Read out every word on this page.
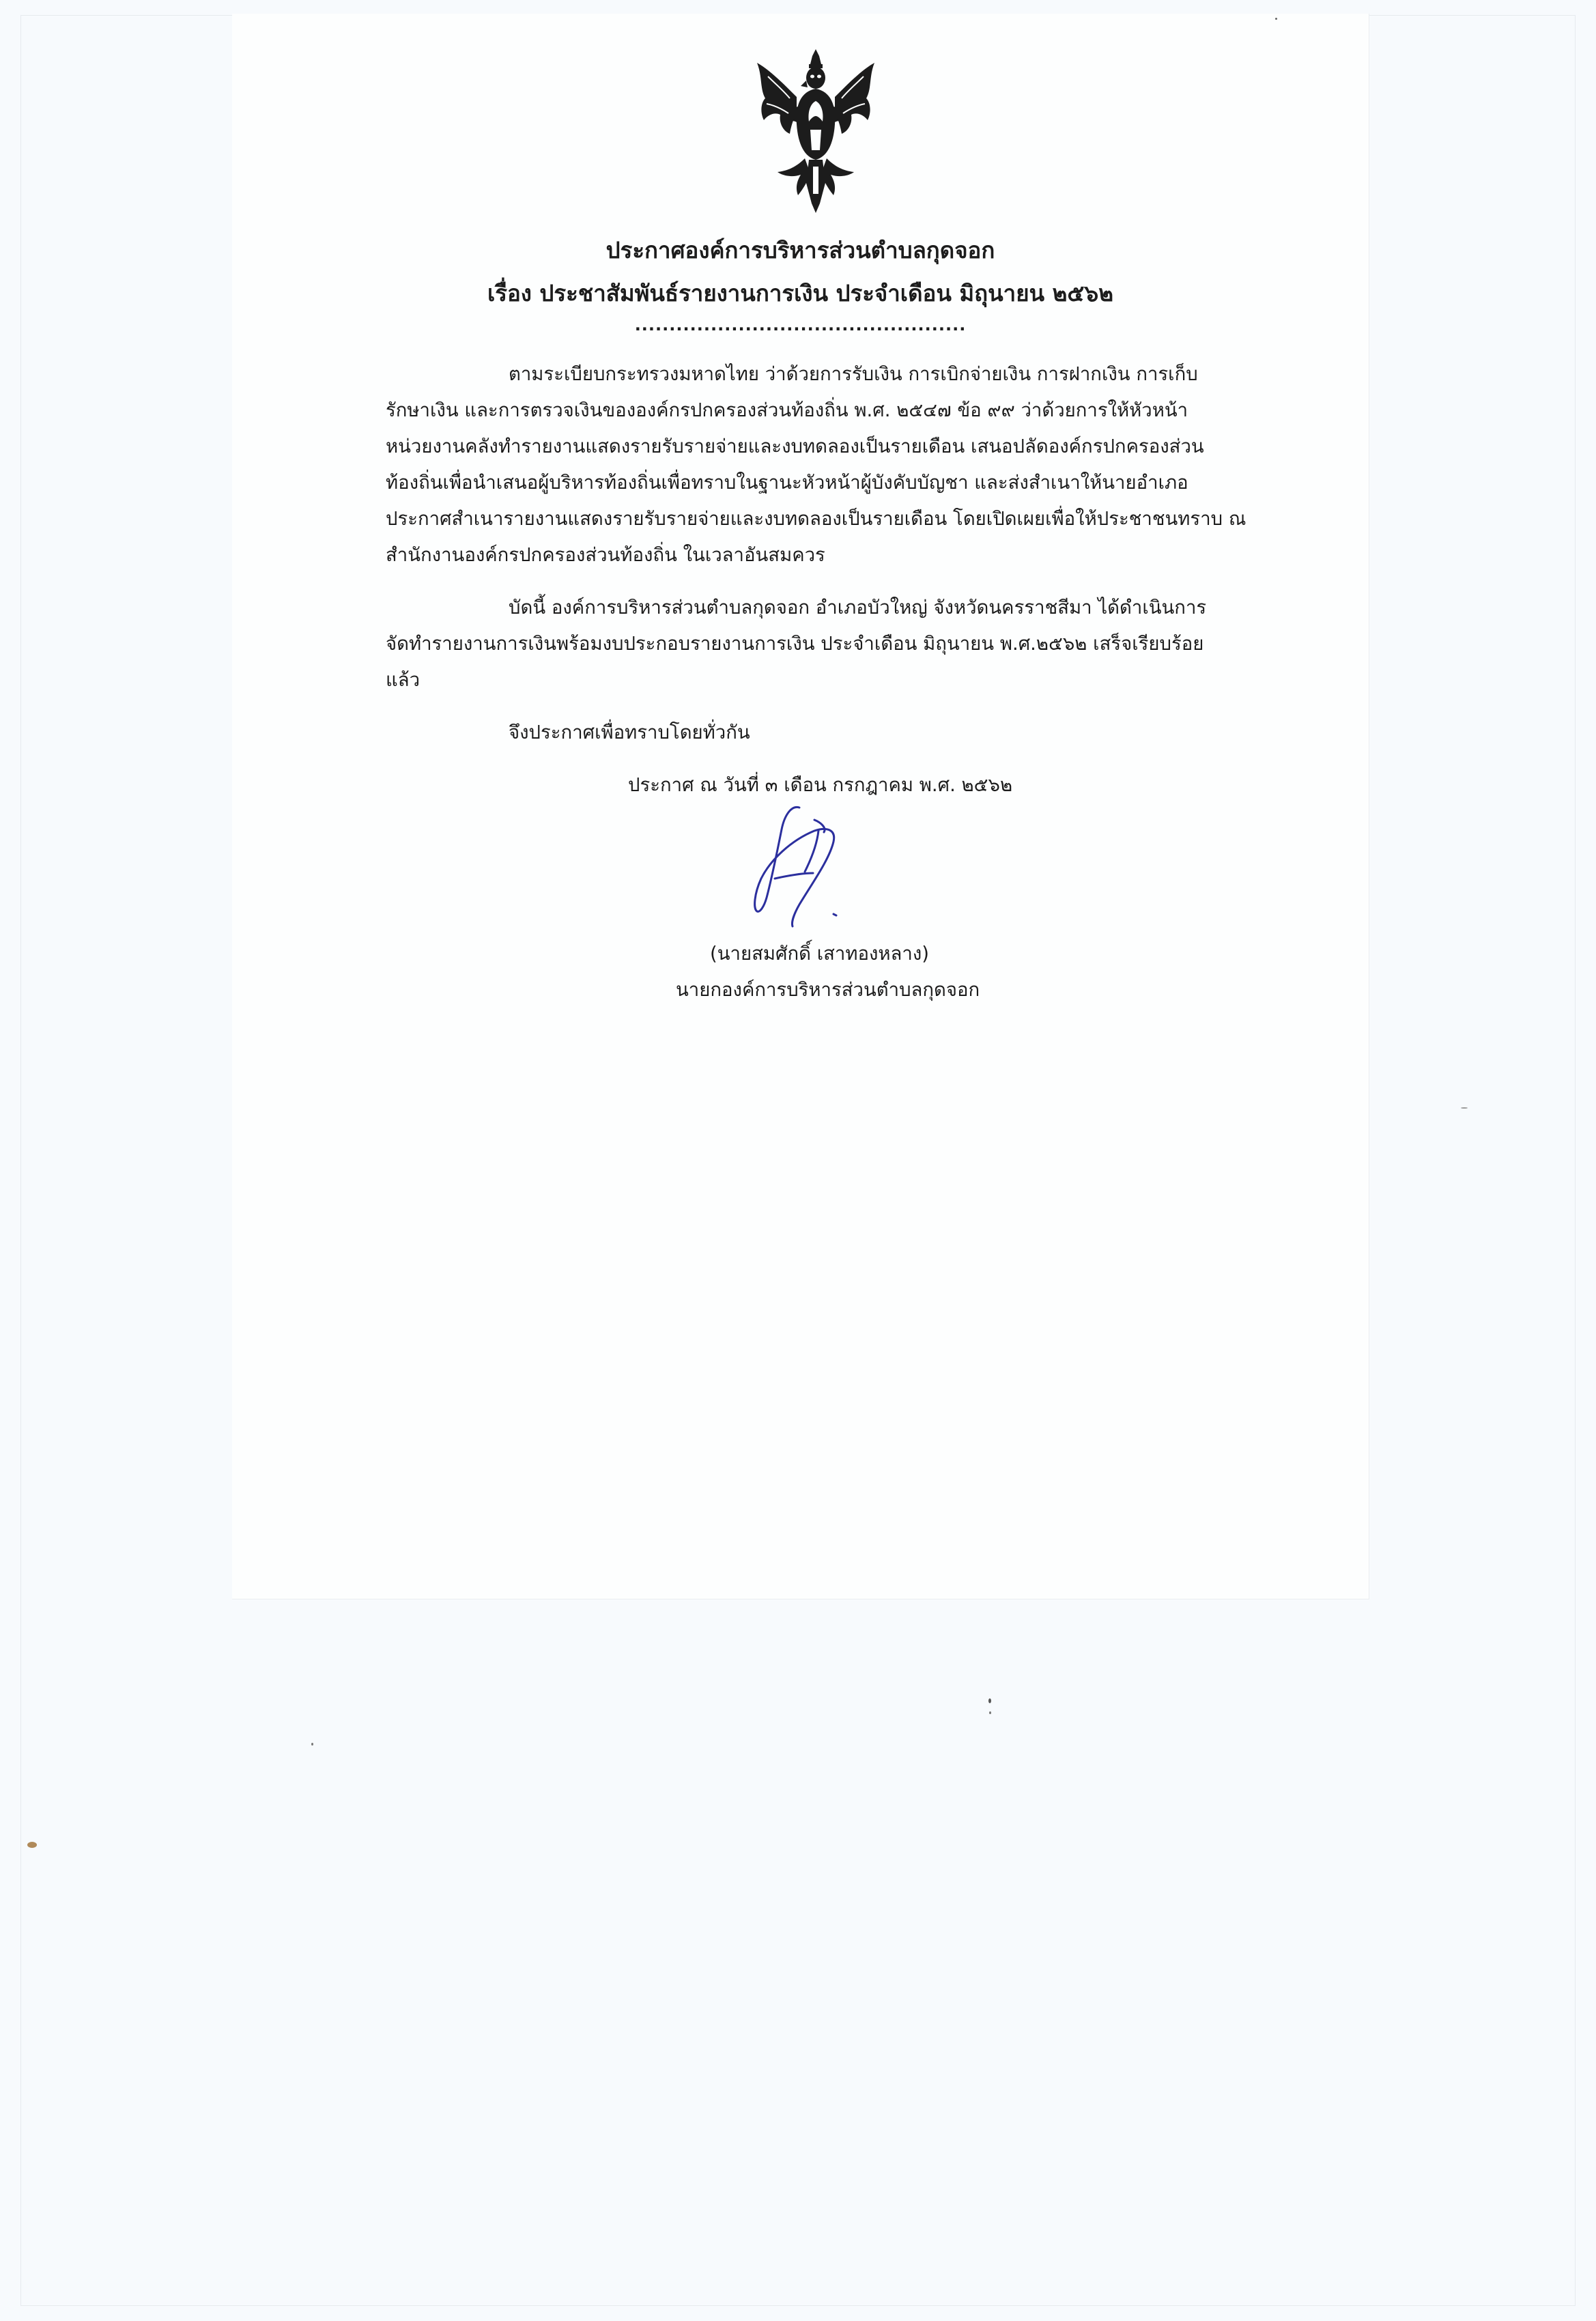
ประกาศองค์การบริหารส่วนตำบลกุดจอก
เรื่อง ประชาสัมพันธ์รายงานการเงิน ประจำเดือน มิถุนายน ๒๕๖๒
................................................
ตามระเบียบกระทรวงมหาดไทย ว่าด้วยการรับเงิน การเบิกจ่ายเงิน การฝากเงิน การเก็บ
รักษาเงิน และการตรวจเงินขององค์กรปกครองส่วนท้องถิ่น พ.ศ. ๒๕๔๗ ข้อ ๙๙ ว่าด้วยการให้หัวหน้า
หน่วยงานคลังทำรายงานแสดงรายรับรายจ่ายและงบทดลองเป็นรายเดือน เสนอปลัดองค์กรปกครองส่วน
ท้องถิ่นเพื่อนำเสนอผู้บริหารท้องถิ่นเพื่อทราบในฐานะหัวหน้าผู้บังคับบัญชา และส่งสำเนาให้นายอำเภอ
ประกาศสำเนารายงานแสดงรายรับรายจ่ายและงบทดลองเป็นรายเดือน โดยเปิดเผยเพื่อให้ประชาชนทราบ ณ
สำนักงานองค์กรปกครองส่วนท้องถิ่น ในเวลาอันสมควร
บัดนี้ องค์การบริหารส่วนตำบลกุดจอก อำเภอบัวใหญ่ จังหวัดนครราชสีมา ได้ดำเนินการ
จัดทำรายงานการเงินพร้อมงบประกอบรายงานการเงิน ประจำเดือน มิถุนายน พ.ศ.๒๕๖๒ เสร็จเรียบร้อย
แล้ว
จึงประกาศเพื่อทราบโดยทั่วกัน
ประกาศ ณ วันที่ ๓ เดือน กรกฎาคม พ.ศ. ๒๕๖๒
(นายสมศักดิ์ เสาทองหลาง)
นายกองค์การบริหารส่วนตำบลกุดจอก
